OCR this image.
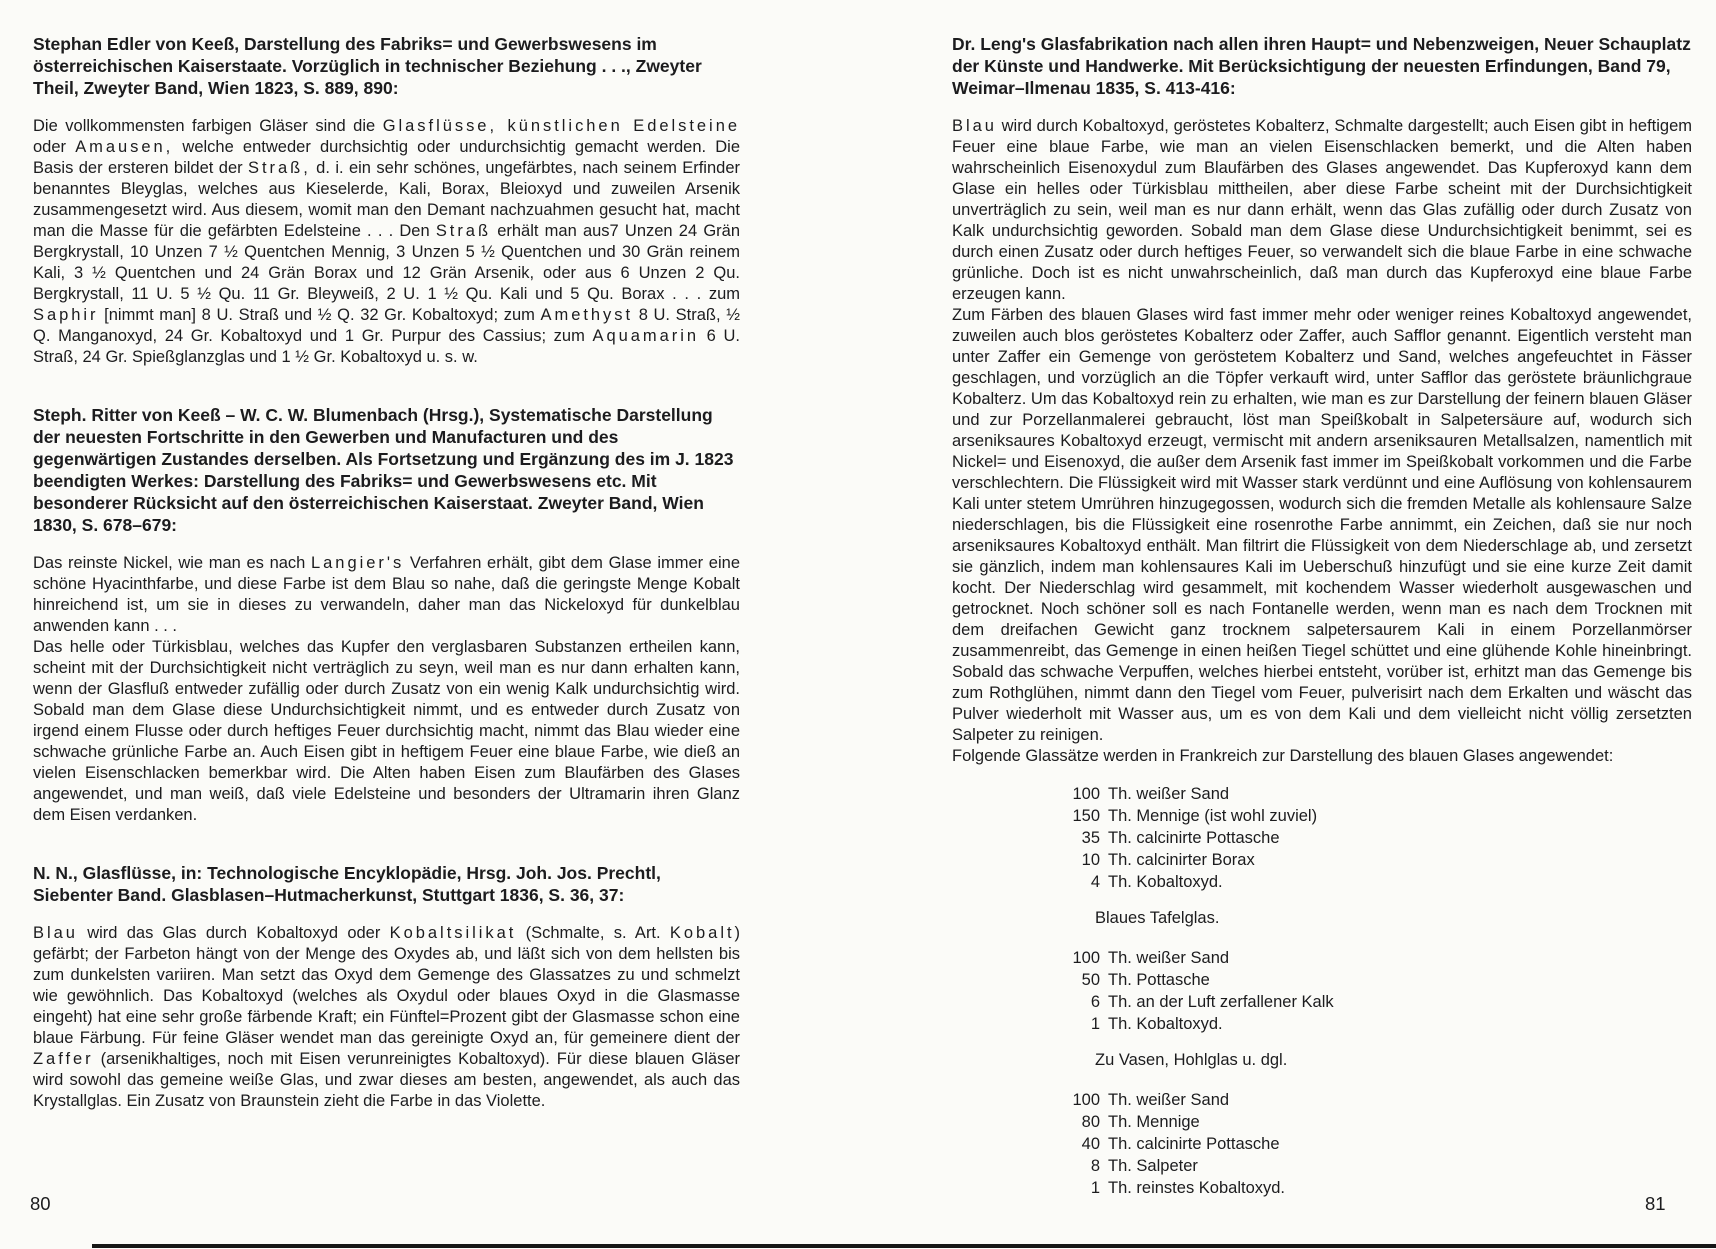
Stephan Edler von Keeß, Darstellung des Fabriks= und Gewerbswesens im österreichischen Kaiserstaate. Vorzüglich in technischer Beziehung . . ., Zweyter Theil, Zweyter Band, Wien 1823, S. 889, 890:

Die vollkommensten farbigen Gläser sind die Glasflüsse, künstlichen Edelsteine oder Amausen, welche entweder durchsichtig oder undurchsichtig gemacht werden. Die Basis der ersteren bildet der Straß, d. i. ein sehr schönes, ungefärbtes, nach seinem Erfinder benanntes Bleyglas, welches aus Kieselerde, Kali, Borax, Bleioxyd und zuweilen Arsenik zusammengesetzt wird. Aus diesem, womit man den Demant nachzuahmen gesucht hat, macht man die Masse für die gefärbten Edelsteine . . . Den Straß erhält man aus7 Unzen 24 Grän Bergkrystall, 10 Unzen 7 ½ Quentchen Mennig, 3 Unzen 5 ½ Quentchen und 30 Grän reinem Kali, 3 ½ Quentchen und 24 Grän Borax und 12 Grän Arsenik, oder aus 6 Unzen 2 Qu. Bergkrystall, 11 U. 5 ½ Qu. 11 Gr. Bleyweiß, 2 U. 1 ½ Qu. Kali und 5 Qu. Borax . . . zum Saphir [nimmt man] 8 U. Straß und ½ Q. 32 Gr. Kobaltoxyd; zum Amethyst 8 U. Straß, ½ Q. Manganoxyd, 24 Gr. Kobaltoxyd und 1 Gr. Purpur des Cassius; zum Aquamarin 6 U. Straß, 24 Gr. Spießglanzglas und 1 ½ Gr. Kobaltoxyd u. s. w.

Steph. Ritter von Keeß – W. C. W. Blumenbach (Hrsg.), Systematische Darstellung der neuesten Fortschritte in den Gewerben und Manufacturen und des gegenwärtigen Zustandes derselben. Als Fortsetzung und Ergänzung des im J. 1823 beendigten Werkes: Darstellung des Fabriks= und Gewerbswesens etc. Mit besonderer Rücksicht auf den österreichischen Kaiserstaat. Zweyter Band, Wien 1830, S. 678–679:

Das reinste Nickel, wie man es nach Langier's Verfahren erhält, gibt dem Glase immer eine schöne Hyacinthfarbe, und diese Farbe ist dem Blau so nahe, daß die geringste Menge Kobalt hinreichend ist, um sie in dieses zu verwandeln, daher man das Nickeloxyd für dunkelblau anwenden kann . . .

Das helle oder Türkisblau, welches das Kupfer den verglasbaren Substanzen ertheilen kann, scheint mit der Durchsichtigkeit nicht verträglich zu seyn, weil man es nur dann erhalten kann, wenn der Glasfluß entweder zufällig oder durch Zusatz von ein wenig Kalk undurchsichtig wird. Sobald man dem Glase diese Undurchsichtigkeit nimmt, und es entweder durch Zusatz von irgend einem Flusse oder durch heftiges Feuer durchsichtig macht, nimmt das Blau wieder eine schwache grünliche Farbe an. Auch Eisen gibt in heftigem Feuer eine blaue Farbe, wie dieß an vielen Eisenschlacken bemerkbar wird. Die Alten haben Eisen zum Blaufärben des Glases angewendet, und man weiß, daß viele Edelsteine und besonders der Ultramarin ihren Glanz dem Eisen verdanken.

N. N., Glasflüsse, in: Technologische Encyklopädie, Hrsg. Joh. Jos. Prechtl, Siebenter Band. Glasblasen–Hutmacherkunst, Stuttgart 1836, S. 36, 37:

Blau wird das Glas durch Kobaltoxyd oder Kobaltsilikat (Schmalte, s. Art. Kobalt) gefärbt; der Farbeton hängt von der Menge des Oxydes ab, und läßt sich von dem hellsten bis zum dunkelsten variiren. Man setzt das Oxyd dem Gemenge des Glassatzes zu und schmelzt wie gewöhnlich. Das Kobaltoxyd (welches als Oxydul oder blaues Oxyd in die Glasmasse eingeht) hat eine sehr große färbende Kraft; ein Fünftel=Prozent gibt der Glasmasse schon eine blaue Färbung. Für feine Gläser wendet man das gereinigte Oxyd an, für gemeinere dient der Zaffer (arsenikhaltiges, noch mit Eisen verunreinigtes Kobaltoxyd). Für diese blauen Gläser wird sowohl das gemeine weiße Glas, und zwar dieses am besten, angewendet, als auch das Krystallglas. Ein Zusatz von Braunstein zieht die Farbe in das Violette.

Dr. Leng's Glasfabrikation nach allen ihren Haupt= und Nebenzweigen, Neuer Schauplatz der Künste und Handwerke. Mit Berücksichtigung der neuesten Erfindungen, Band 79, Weimar–Ilmenau 1835, S. 413-416:

Blau wird durch Kobaltoxyd, geröstetes Kobalterz, Schmalte dargestellt; auch Eisen gibt in heftigem Feuer eine blaue Farbe, wie man an vielen Eisenschlacken bemerkt, und die Alten haben wahrscheinlich Eisenoxydul zum Blaufärben des Glases angewendet. Das Kupferoxyd kann dem Glase ein helles oder Türkisblau mittheilen, aber diese Farbe scheint mit der Durchsichtigkeit unverträglich zu sein, weil man es nur dann erhält, wenn das Glas zufällig oder durch Zusatz von Kalk undurchsichtig geworden. Sobald man dem Glase diese Undurchsichtigkeit benimmt, sei es durch einen Zusatz oder durch heftiges Feuer, so verwandelt sich die blaue Farbe in eine schwache grünliche. Doch ist es nicht unwahrscheinlich, daß man durch das Kupferoxyd eine blaue Farbe erzeugen kann.

Zum Färben des blauen Glases wird fast immer mehr oder weniger reines Kobaltoxyd angewendet, zuweilen auch blos geröstetes Kobalterz oder Zaffer, auch Safflor genannt. Eigentlich versteht man unter Zaffer ein Gemenge von geröstetem Kobalterz und Sand, welches angefeuchtet in Fässer geschlagen, und vorzüglich an die Töpfer verkauft wird, unter Safflor das geröstete bräunlichgraue Kobalterz. Um das Kobaltoxyd rein zu erhalten, wie man es zur Darstellung der feinern blauen Gläser und zur Porzellanmalerei gebraucht, löst man Speißkobalt in Salpetersäure auf, wodurch sich arseniksaures Kobaltoxyd erzeugt, vermischt mit andern arseniksauren Metallsalzen, namentlich mit Nickel= und Eisenoxyd, die außer dem Arsenik fast immer im Speißkobalt vorkommen und die Farbe verschlechtern. Die Flüssigkeit wird mit Wasser stark verdünnt und eine Auflösung von kohlensaurem Kali unter stetem Umrühren hinzugegossen, wodurch sich die fremden Metalle als kohlensaure Salze niederschlagen, bis die Flüssigkeit eine rosenrothe Farbe annimmt, ein Zeichen, daß sie nur noch arseniksaures Kobaltoxyd enthält. Man filtrirt die Flüssigkeit von dem Niederschlage ab, und zersetzt sie gänzlich, indem man kohlensaures Kali im Ueberschuß hinzufügt und sie eine kurze Zeit damit kocht. Der Niederschlag wird gesammelt, mit kochendem Wasser wiederholt ausgewaschen und getrocknet. Noch schöner soll es nach Fontanelle werden, wenn man es nach dem Trocknen mit dem dreifachen Gewicht ganz trocknem salpetersaurem Kali in einem Porzellanmörser zusammenreibt, das Gemenge in einen heißen Tiegel schüttet und eine glühende Kohle hineinbringt. Sobald das schwache Verpuffen, welches hierbei entsteht, vorüber ist, erhitzt man das Gemenge bis zum Rothglühen, nimmt dann den Tiegel vom Feuer, pulverisirt nach dem Erkalten und wäscht das Pulver wiederholt mit Wasser aus, um es von dem Kali und dem vielleicht nicht völlig zersetzten Salpeter zu reinigen.

Folgende Glassätze werden in Frankreich zur Darstellung des blauen Glases angewendet:

100 Th. weißer Sand
150 Th. Mennige (ist wohl zuviel)
35 Th. calcinirte Pottasche
10 Th. calcinirter Borax
4 Th. Kobaltoxyd.
Blaues Tafelglas.
100 Th. weißer Sand
50 Th. Pottasche
6 Th. an der Luft zerfallener Kalk
1 Th. Kobaltoxyd.
Zu Vasen, Hohlglas u. dgl.
100 Th. weißer Sand
80 Th. Mennige
40 Th. calcinirte Pottasche
8 Th. Salpeter
1 Th. reinstes Kobaltoxyd.
80	81
